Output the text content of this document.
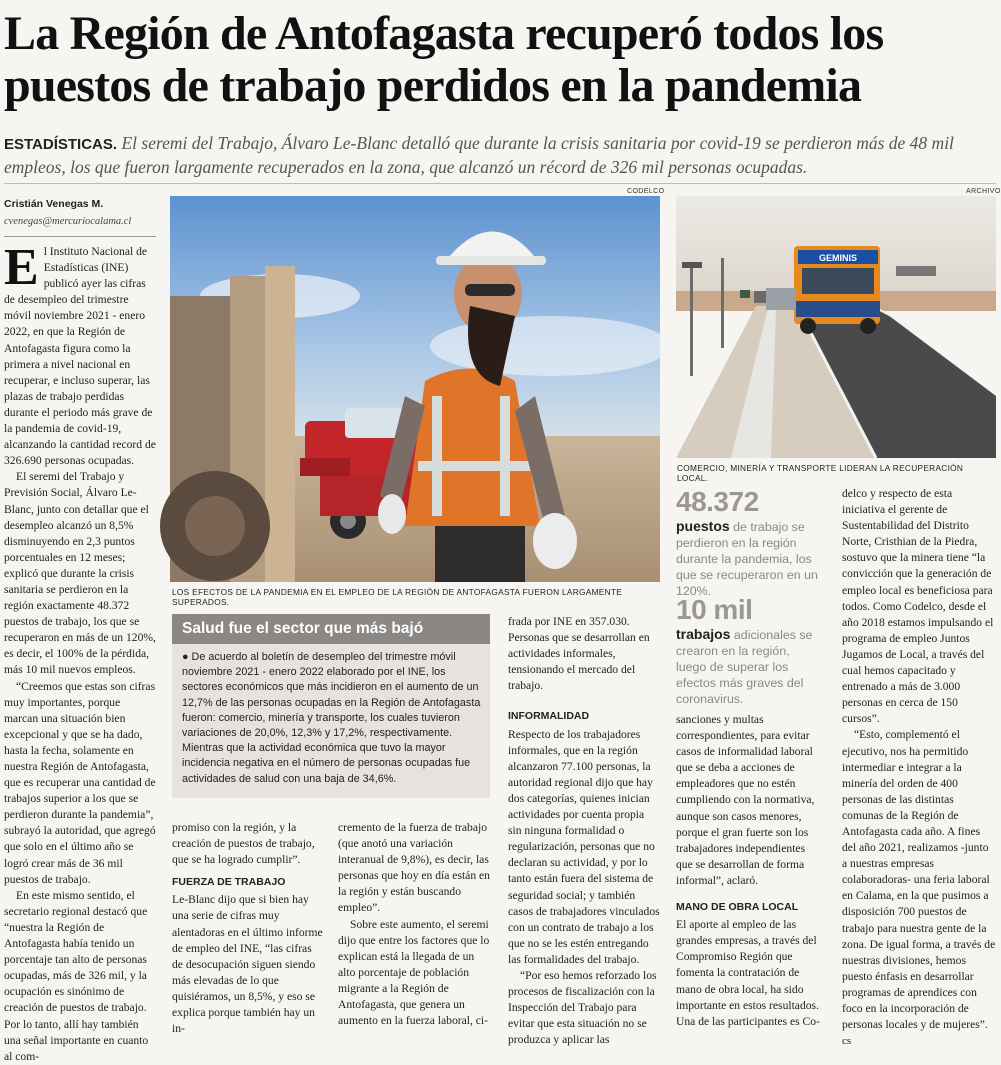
La Región de Antofagasta recuperó todos los puestos de trabajo perdidos en la pandemia
ESTADÍSTICAS. El seremi del Trabajo, Álvaro Le-Blanc detalló que durante la crisis sanitaria por covid-19 se perdieron más de 48 mil empleos, los que fueron largamente recuperados en la zona, que alcanzó un récord de 326 mil personas ocupadas.
Cristián Venegas M.
cvenegas@mercuriocalama.cl

El Instituto Nacional de Estadísticas (INE) publicó ayer las cifras de desempleo del trimestre móvil noviembre 2021 - enero 2022, en que la Región de Antofagasta figura como la primera a nivel nacional en recuperar, e incluso superar, las plazas de trabajo perdidas durante el periodo más grave de la pandemia de covid-19, alcanzando la cantidad record de 326.690 personas ocupadas.

El seremi del Trabajo y Previsión Social, Álvaro Le-Blanc, junto con detallar que el desempleo alcanzó un 8,5% disminuyendo en 2,3 puntos porcentuales en 12 meses; explicó que durante la crisis sanitaria se perdieron en la región exactamente 48.372 puestos de trabajo, los que se recuperaron en más de un 120%, es decir, el 100% de la pérdida, más 10 mil nuevos empleos.

“Creemos que estas son cifras muy importantes, porque marcan una situación bien excepcional y que se ha dado, hasta la fecha, solamente en nuestra Región de Antofagasta, que es recuperar una cantidad de trabajos superior a los que se perdieron durante la pandemia”, subrayó la autoridad, que agregó que solo en el último año se logró crear más de 36 mil puestos de trabajo.

En este mismo sentido, el secretario regional destacó que “nuestra la Región de Antofagasta había tenido un porcentaje tan alto de personas ocupadas, más de 326 mil, y la ocupación es sinónimo de creación de puestos de trabajo. Por lo tanto, allí hay también una señal importante en cuanto al com-

CODELCO
LOS EFECTOS DE LA PANDEMIA EN EL EMPLEO DE LA REGIÓN DE ANTOFAGASTA FUERON LARGAMENTE SUPERADOS.
ARCHIVO
GEMINIS
COMERCIO, MINERÍA Y TRANSPORTE LIDERAN LA RECUPERACIÓN LOCAL.
Salud fue el sector que más bajó
● De acuerdo al boletín de desempleo del trimestre móvil noviembre 2021 - enero 2022 elaborado por el INE, los sectores económicos que más incidieron en el aumento de un 12,7% de las personas ocupadas en la Región de Antofagasta fueron: comercio, minería y transporte, los cuales tuvieron variaciones de 20,0%, 12,3% y 17,2%, respectivamente. Mientras que la actividad económica que tuvo la mayor incidencia negativa en el número de personas ocupadas fue actividades de salud con una baja de 34,6%.

promiso con la región, y la creación de puestos de trabajo, que se ha logrado cumplir”.

FUERZA DE TRABAJO

Le-Blanc dijo que si bien hay una serie de cifras muy alentadoras en el último informe de empleo del INE, “las cifras de desocupación siguen siendo más elevadas de lo que quisiéramos, un 8,5%, y eso se explica porque también hay un in-

cremento de la fuerza de trabajo (que anotó una variación interanual de 9,8%), es decir, las personas que hoy en día están en la región y están buscando empleo”.

Sobre este aumento, el seremi dijo que entre los factores que lo explican está la llegada de un alto porcentaje de población migrante a la Región de Antofagasta, que genera un aumento en la fuerza laboral, ci-

frada por INE en 357.030. Personas que se desarrollan en actividades informales, tensionando el mercado del trabajo.

INFORMALIDAD

Respecto de los trabajadores informales, que en la región alcanzaron 77.100 personas, la autoridad regional dijo que hay dos categorías, quienes inician actividades por cuenta propia sin ninguna formalidad o regularización, personas que no declaran su actividad, y por lo tanto están fuera del sistema de seguridad social; y también casos de trabajadores vinculados con un contrato de trabajo a los que no se les estén entregando las formalidades del trabajo.

“Por eso hemos reforzado los procesos de fiscalización con la Inspección del Trabajo para evitar que esta situación no se produzca y aplicar las

48.372
puestos de trabajo se perdieron en la región durante la pandemia, los que se recuperaron en un 120%.
10 mil
trabajos adicionales se crearon en la región, luego de superar los efectos más graves del coronavirus.

sanciones y multas correspondientes, para evitar casos de informalidad laboral que se deba a acciones de empleadores que no estén cumpliendo con la normativa, aunque son casos menores, porque el gran fuerte son los trabajadores independientes que se desarrollan de forma informal”, aclaró.

MANO DE OBRA LOCAL

El aporte al empleo de las grandes empresas, a través del Compromiso Región que fomenta la contratación de mano de obra local, ha sido importante en estos resultados. Una de las participantes es Co-

delco y respecto de esta iniciativa el gerente de Sustentabilidad del Distrito Norte, Cristhian de la Piedra, sostuvo que la minera tiene “la convicción que la generación de empleo local es beneficiosa para todos. Como Codelco, desde el año 2018 estamos impulsando el programa de empleo Juntos Jugamos de Local, a través del cual hemos capacitado y entrenado a más de 3.000 personas en cerca de 150 cursos”.

“Esto, complementó el ejecutivo, nos ha permitido intermediar e integrar a la minería del orden de 400 personas de las distintas comunas de la Región de Antofagasta cada año. A fines del año 2021, realizamos -junto a nuestras empresas colaboradoras- una feria laboral en Calama, en la que pusimos a disposición 700 puestos de trabajo para nuestra gente de la zona. De igual forma, a través de nuestras divisiones, hemos puesto énfasis en desarrollar programas de aprendices con foco en la incorporación de personas locales y de mujeres”. cs
